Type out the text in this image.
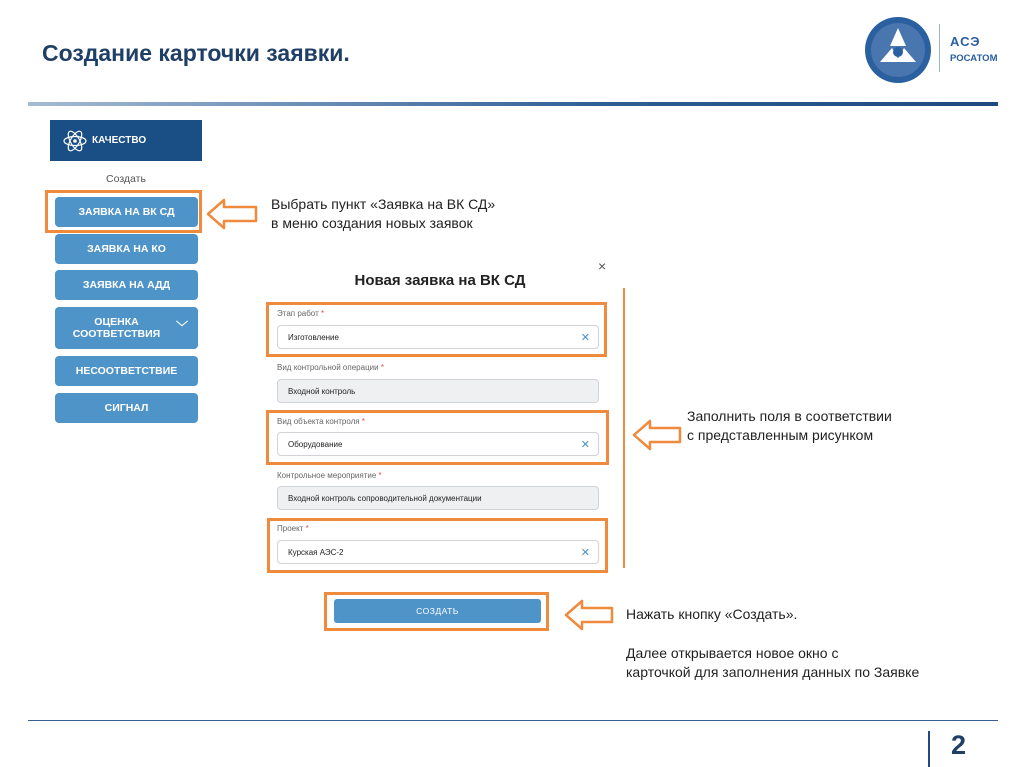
Создание карточки заявки.	АСЭ
РОСАТОМ
КАЧЕСТВО
Создать
ЗАЯВКА НА ВК СД
ЗАЯВКА НА КО
ЗАЯВКА НА АДД
ОЦЕНКА СООТВЕТСТВИЯ	﹀
НЕСООТВЕТСТВИЕ
СИГНАЛ
Выбрать пункт «Заявка на ВК СД»
в меню создания новых заявок
Новая заявка на ВК СД
×
Этап работ *
Изготовление	✕
Вид контрольной операции *
Входной контроль
Вид объекта контроля *
Оборудование	✕
Контрольное мероприятие *
Входной контроль сопроводительной документации
Проект *
Курская АЭС-2	✕
СОЗДАТЬ
Заполнить поля в соответствии
с представленным рисунком
Нажать кнопку «Создать».
Далее открывается новое окно с
карточкой для заполнения данных по Заявке
2
